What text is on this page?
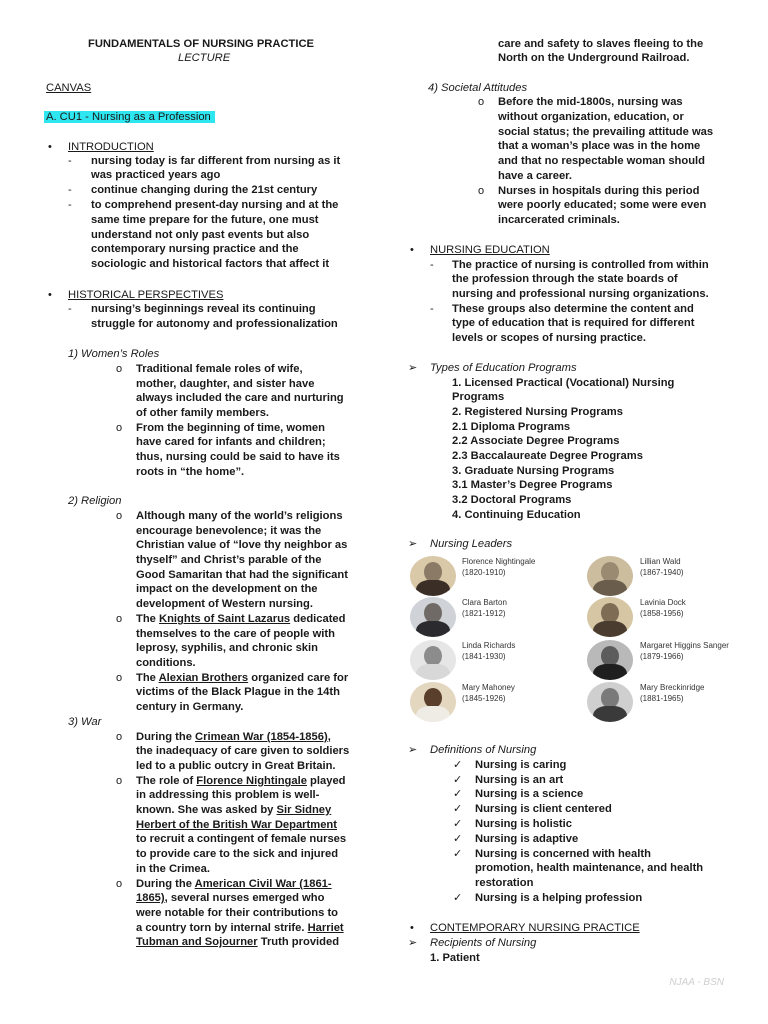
FUNDAMENTALS OF NURSING PRACTICE
LECTURE
CANVAS
A. CU1 - Nursing as a Profession
• INTRODUCTION
- nursing today is far different from nursing as it
was practiced years ago
- continue changing during the 21st century
- to comprehend present-day nursing and at the
same time prepare for the future, one must
understand not only past events but also
contemporary nursing practice and the
sociologic and historical factors that affect it
• HISTORICAL PERSPECTIVES
- nursing’s beginnings reveal its continuing
struggle for autonomy and professionalization
1) Women’s Roles
o Traditional female roles of wife,
mother, daughter, and sister have
always included the care and nurturing
of other family members.
o From the beginning of time, women
have cared for infants and children;
thus, nursing could be said to have its
roots in “the home”.
2) Religion
o Although many of the world’s religions
encourage benevolence; it was the
Christian value of “love thy neighbor as
thyself” and Christ’s parable of the
Good Samaritan that had the significant
impact on the development on the
development of Western nursing.
o The Knights of Saint Lazarus dedicated
themselves to the care of people with
leprosy, syphilis, and chronic skin
conditions.
o The Alexian Brothers organized care for
victims of the Black Plague in the 14th
century in Germany.
3) War
o During the Crimean War (1854-1856),
the inadequacy of care given to soldiers
led to a public outcry in Great Britain.
o The role of Florence Nightingale played
in addressing this problem is well-
known. She was asked by Sir Sidney
Herbert of the British War Department
to recruit a contingent of female nurses
to provide care to the sick and injured
in the Crimea.
o During the American Civil War (1861-
1865), several nurses emerged who
were notable for their contributions to
a country torn by internal strife. Harriet
Tubman and Sojourner Truth provided
care and safety to slaves fleeing to the
North on the Underground Railroad.
4) Societal Attitudes
o Before the mid-1800s, nursing was
without organization, education, or
social status; the prevailing attitude was
that a woman’s place was in the home
and that no respectable woman should
have a career.
o Nurses in hospitals during this period
were poorly educated; some were even
incarcerated criminals.
• NURSING EDUCATION
- The practice of nursing is controlled from within
the profession through the state boards of
nursing and professional nursing organizations.
- These groups also determine the content and
type of education that is required for different
levels or scopes of nursing practice.
➢ Types of Education Programs
1. Licensed Practical (Vocational) Nursing
Programs
2. Registered Nursing Programs
2.1 Diploma Programs
2.2 Associate Degree Programs
2.3 Baccalaureate Degree Programs
3. Graduate Nursing Programs
3.1 Master’s Degree Programs
3.2 Doctoral Programs
4. Continuing Education
➢ Nursing Leaders
Florence Nightingale
(1820-1910)
Lillian Wald
(1867-1940)
Clara Barton
(1821-1912)
Lavinia Dock
(1858-1956)
Linda Richards
(1841-1930)
Margaret Higgins Sanger
(1879-1966)
Mary Mahoney
(1845-1926)
Mary Breckinridge
(1881-1965)
➢ Definitions of Nursing
✓ Nursing is caring
✓ Nursing is an art
✓ Nursing is a science
✓ Nursing is client centered
✓ Nursing is holistic
✓ Nursing is adaptive
✓ Nursing is concerned with health
promotion, health maintenance, and health
restoration
✓ Nursing is a helping profession
• CONTEMPORARY NURSING PRACTICE
➢ Recipients of Nursing
1. Patient
NJAA - BSN
